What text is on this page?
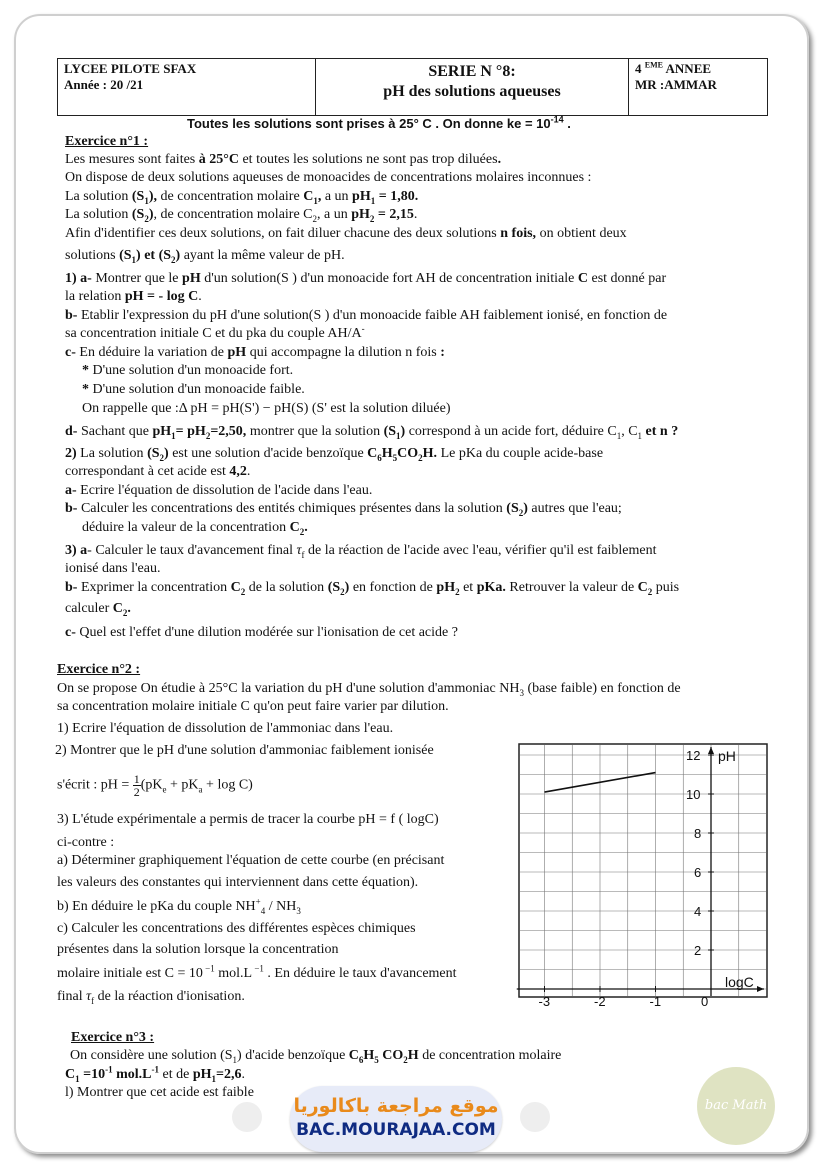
LYCEE PILOTE SFAX
Année : 20 /21

SERIE N °8:
pH des solutions aqueuses

4 $^{EME}$ ANNEE
MR :AMMAR
Toutes les solutions sont prises à 25° C . On donne ke = $10^{-14}$ .
Exercice n°1 :
Les mesures sont faites à 25°C et toutes les solutions ne sont pas trop diluées.
On dispose de deux solutions aqueuses de monoacides de concentrations molaires inconnues :
La solution $(S_1)$, de concentration molaire $C_1$, a un $pH_1 = 1,80$.
La solution $(S_2)$, de concentration molaire $C_2$, a un $pH_2 = 2,15$.
Afin d'identifier ces deux solutions, on fait diluer chacune des deux solutions n fois, on obtient deux
solutions $(S_1)$ et $(S_2)$ ayant la même valeur de pH.
1) a- Montrer que le pH d'un solution(S ) d'un monoacide fort AH de concentration initiale C est donné par
la relation pH = - log C.
b- Etablir l'expression du pH d'une solution(S ) d'un monoacide faible AH faiblement ionisé, en fonction de
sa concentration initiale C et du pka du couple AH/A-
c- En déduire la variation de pH qui accompagne la dilution n fois :
* D'une solution d'un monoacide fort.
* D'une solution d'un monoacide faible.
On rappelle que :Δ pH = pH(S') − pH(S) (S' est la solution diluée)
d- Sachant que $pH_1= pH_2=2,50$, montrer que la solution $(S_1)$ correspond à un acide fort, déduire $C_1$, $C_1$ et n ?
2) La solution $(S_2)$ est une solution d'acide benzoïque $C_6H_5CO_2H$. Le pKa du couple acide-base
correspondant à cet acide est 4,2.
a- Ecrire l'équation de dissolution de l'acide dans l'eau.
b- Calculer les concentrations des entités chimiques présentes dans la solution $(S_2)$ autres que l'eau;
déduire la valeur de la concentration $C_2$.
3) a- Calculer le taux d'avancement final $\tau_f$ de la réaction de l'acide avec l'eau, vérifier qu'il est faiblement
ionisé dans l'eau.
b- Exprimer la concentration $C_2$ de la solution $(S_2)$ en fonction de $pH_2$ et pKa. Retrouver la valeur de $C_2$ puis
calculer $C_2$.
c- Quel est l'effet d'une dilution modérée sur l'ionisation de cet acide ?
Exercice n°2 :
On se propose On étudie à 25°C la variation du pH d'une solution d'ammoniac $NH_3$ (base faible) en fonction de
sa concentration molaire initiale C qu'on peut faire varier par dilution.
1) Ecrire l'équation de dissolution de l'ammoniac dans l'eau.
2) Montrer que le pH d'une solution d'ammoniac faiblement ionisée
s'écrit : pH = $\frac{1}{2} (pK_e + pK_a + \log C)$
3) L'étude expérimentale a permis de tracer la courbe pH = f ( logC)
ci-contre :
a) Déterminer graphiquement l'équation de cette courbe (en précisant
les valeurs des constantes qui interviennent dans cette équation).
b) En déduire le pKa du couple $NH^+_4 / NH_3$
c) Calculer les concentrations des différentes espèces chimiques
présentes dans la solution lorsque la concentration
molaire initiale est C = 10 $^{-1}$ mol.L $^{-1}$ . En déduire le taux d'avancement
final $\tau_f$ de la réaction d'ionisation.	-3	-2	-1	0
2
4
6
8
10
12
logC
pH
Exercice n°3 :
On considère une solution $(S_1)$ d'acide benzoïque $C_6H_5$ $CO_2H$ de concentration molaire
$C_1 =10^{-1}$ $mol.L^{-1}$ et de $pH_1=2,6$.
l) Montrer que cet acide est faible
موقع مراجعة باكالوريا
BAC.MOURAJAA.COM
bac Math
